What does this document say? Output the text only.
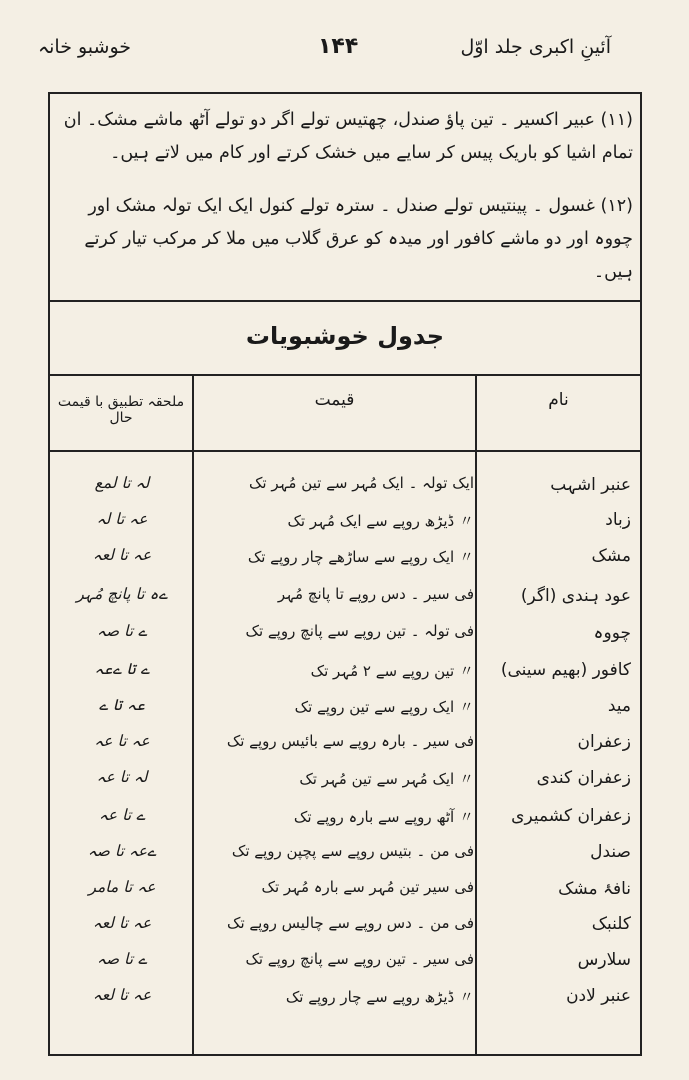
خوشبو خانہ	۱۴۴	آئینِ اکبری جلد اوّل
(۱۱) عبیر اکسیر ۔ تین پاؤ صندل، چھتیس تولے اگر دو تولے آٹھ ماشے مشک۔ ان تمام اشیا کو باریک پیس کر سایے میں خشک کرتے اور کام میں لاتے ہیں۔
(۱۲) غسول ۔ پینتیس تولے صندل ۔ سترہ تولے کنول ایک ایک تولہ مشک اور چووہ اور دو ماشے کافور اور میدہ کو عرق گلاب میں ملا کر مرکب تیار کرتے ہیں۔
جدول خوشبویات
نام
قیمت
ملحقہ تطبیق با قیمت حال
عنبر اشہب
ایک تولہ ۔ ایک مُہر سے تین مُہر تک
لہ تا لمع
زباد
〃 ڈیڑھ روپے سے ایک مُہر تک
عہ تا لہ
مشک
〃 ایک روپے سے ساڑھے چار روپے تک
عہ تا لعہ
عود ہندی (اگر)
فی سیر ۔ دس روپے تا پانچ مُہر
ےہ تا پانچ مُہر
چووہ
فی تولہ ۔ تین روپے سے پانچ روپے تک
ے تا صہ
کافور (بھیم سینی)
〃 تین روپے سے ۲ مُہر تک
ے تا ےعہ
مید
〃 ایک روپے سے تین روپے تک
عہ تا ے
زعفران
فی سیر ۔ بارہ روپے سے بائیس روپے تک
عہ تا عہ
زعفران کندی
〃 ایک مُہر سے تین مُہر تک
لہ تا عہ
زعفران کشمیری
〃 آٹھ روپے سے بارہ روپے تک
ے تا عہ
صندل
فی من ۔ بتیس روپے سے پچپن روپے تک
ےعہ تا صہ
نافۂ مشک
فی سیر تین مُہر سے بارہ مُہر تک
عہ تا مامر
کلنبک
فی من ۔ دس روپے سے چالیس روپے تک
عہ تا لعہ
سلارس
فی سیر ۔ تین روپے سے پانچ روپے تک
ے تا صہ
عنبر لادن
〃 ڈیڑھ روپے سے چار روپے تک
عہ تا لعہ
